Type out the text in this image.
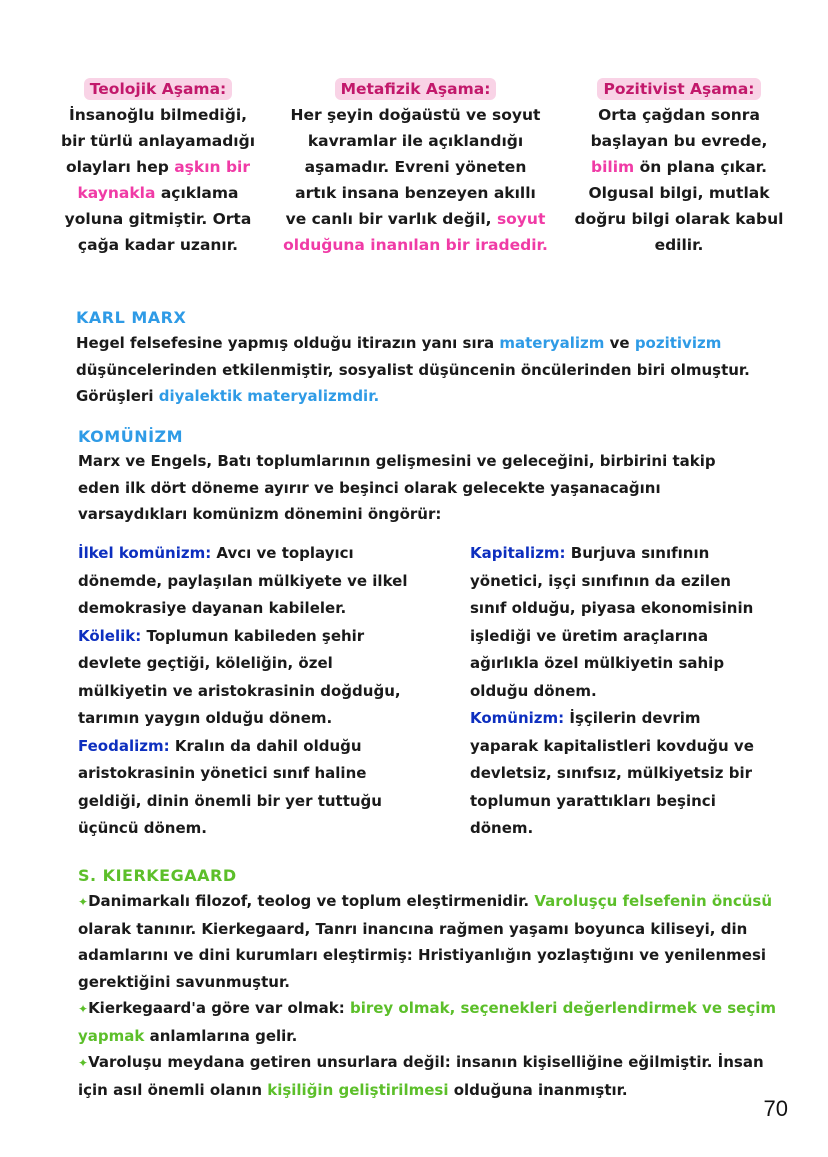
Teolojik Aşama:
İnsanoğlu bilmediği, bir türlü anlayamadığı olayları hep aşkın bir kaynakla açıklama yoluna gitmiştir. Orta çağa kadar uzanır.
Metafizik Aşama:
Her şeyin doğaüstü ve soyut kavramlar ile açıklandığı aşamadır. Evreni yöneten artık insana benzeyen akıllı ve canlı bir varlık değil, soyut olduğuna inanılan bir iradedir.
Pozitivist Aşama:
Orta çağdan sonra başlayan bu evrede, bilim ön plana çıkar. Olgusal bilgi, mutlak doğru bilgi olarak kabul edilir.
KARL MARX
Hegel felsefesine yapmış olduğu itirazın yanı sıra materyalizm ve pozitivizm düşüncelerinden etkilenmiştir, sosyalist düşüncenin öncülerinden biri olmuştur. Görüşleri diyalektik materyalizmdir.
KOMÜNİZM
Marx ve Engels, Batı toplumlarının gelişmesini ve geleceğini, birbirini takip eden ilk dört döneme ayırır ve beşinci olarak gelecekte yaşanacağını varsaydıkları komünizm dönemini öngörür:
İlkel komünizm: Avcı ve toplayıcı dönemde, paylaşılan mülkiyete ve ilkel demokrasiye dayanan kabileler.
Kölelik: Toplumun kabileden şehir devlete geçtiği, köleliğin, özel mülkiyetin ve aristokrasinin doğduğu, tarımın yaygın olduğu dönem.
Feodalizm: Kralın da dahil olduğu aristokrasinin yönetici sınıf haline geldiği, dinin önemli bir yer tuttuğu üçüncü dönem.
Kapitalizm: Burjuva sınıfının yönetici, işçi sınıfının da ezilen sınıf olduğu, piyasa ekonomisinin işlediği ve üretim araçlarına ağırlıkla özel mülkiyetin sahip olduğu dönem.
Komünizm: İşçilerin devrim yaparak kapitalistleri kovduğu ve devletsiz, sınıfsız, mülkiyetsiz bir toplumun yarattıkları beşinci dönem.
S. KIERKEGAARD
✦Danimarkalı filozof, teolog ve toplum eleştirmenidir. Varoluşçu felsefenin öncüsü olarak tanınır. Kierkegaard, Tanrı inancına rağmen yaşamı boyunca kiliseyi, din adamlarını ve dini kurumları eleştirmiş: Hristiyanlığın yozlaştığını ve yenilenmesi gerektiğini savunmuştur.
✦Kierkegaard'a göre var olmak: birey olmak, seçenekleri değerlendirmek ve seçim yapmak anlamlarına gelir.
✦Varoluşu meydana getiren unsurlara değil: insanın kişiselliğine eğilmiştir. İnsan için asıl önemli olanın kişiliğin geliştirilmesi olduğuna inanmıştır.
70
